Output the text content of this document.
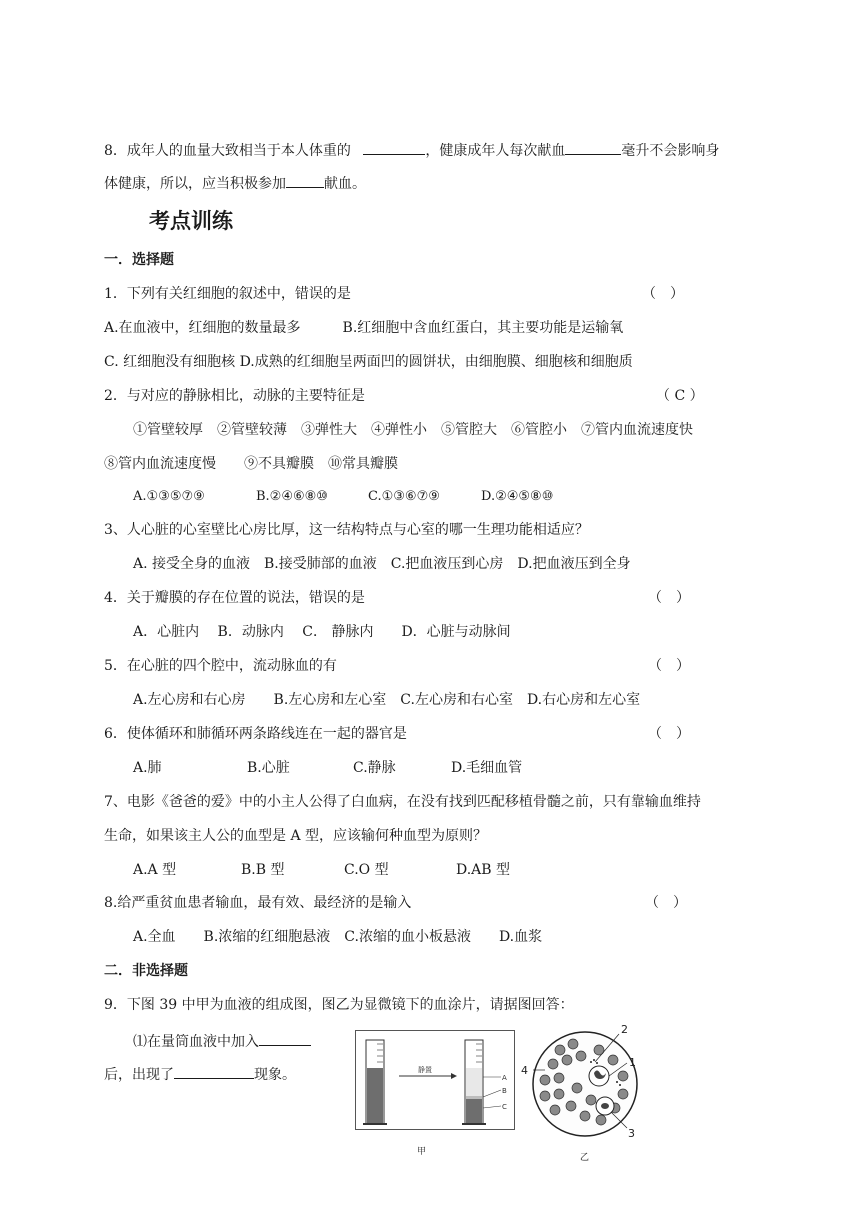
8．成年人的血量大致相当于本人体重的	，健康成年人每次献血	毫升不会影响身
体健康，所以，应当积极参加	献血。
考点训练
一．选择题
1．下列有关红细胞的叙述中，错误的是	（　）
A.在血液中，红细胞的数量最多　　　B.红细胞中含血红蛋白，其主要功能是运输氧
C. 红细胞没有细胞核 D.成熟的红细胞呈两面凹的圆饼状，由细胞膜、细胞核和细胞质
2．与对应的静脉相比，动脉的主要特征是	（ C ）
①管壁较厚　②管壁较薄　③弹性大　④弹性小　⑤管腔大　⑥管腔小　⑦管内血流速度快
⑧管内血流速度慢　　⑨不具瓣膜　⑩常具瓣膜
A.①③⑤⑦⑨	B.②④⑥⑧⑩	C.①③⑥⑦⑨	D.②④⑤⑧⑩
3、人心脏的心室壁比心房比厚，这一结构特点与心室的哪一生理功能相适应？
A. 接受全身的血液　B.接受肺部的血液　C.把血液压到心房　D.把血液压到全身
4．关于瓣膜的存在位置的说法，错误的是	（　）
A．心脏内　 B．动脉内　 C． 静脉内　　D．心脏与动脉间
5．在心脏的四个腔中，流动脉血的有	（　）
A.左心房和右心房　　B.左心房和左心室　C.左心房和右心室　D.右心房和左心室
6．使体循环和肺循环两条路线连在一起的器官是	（　）
A.肺	B.心脏	C.静脉	D.毛细血管
7、电影《爸爸的爱》中的小主人公得了白血病，在没有找到匹配移植骨髓之前，只有靠输血维持
生命，如果该主人公的血型是 A 型，应该输何种血型为原则？
A.A 型	B.B 型	C.O 型	D.AB 型
8.给严重贫血患者输血，最有效、最经济的是输入	（　）
A.全血　　B.浓缩的红细胞悬液　C.浓缩的血小板悬液　　D.血浆
二．非选择题
9．下图 39 中甲为血液的组成图，图乙为显微镜下的血涂片，请据图回答：
⑴在量筒血液中加入
后，出现了	现象。	静置
A
B
C
甲
1
2
3
4
乙
